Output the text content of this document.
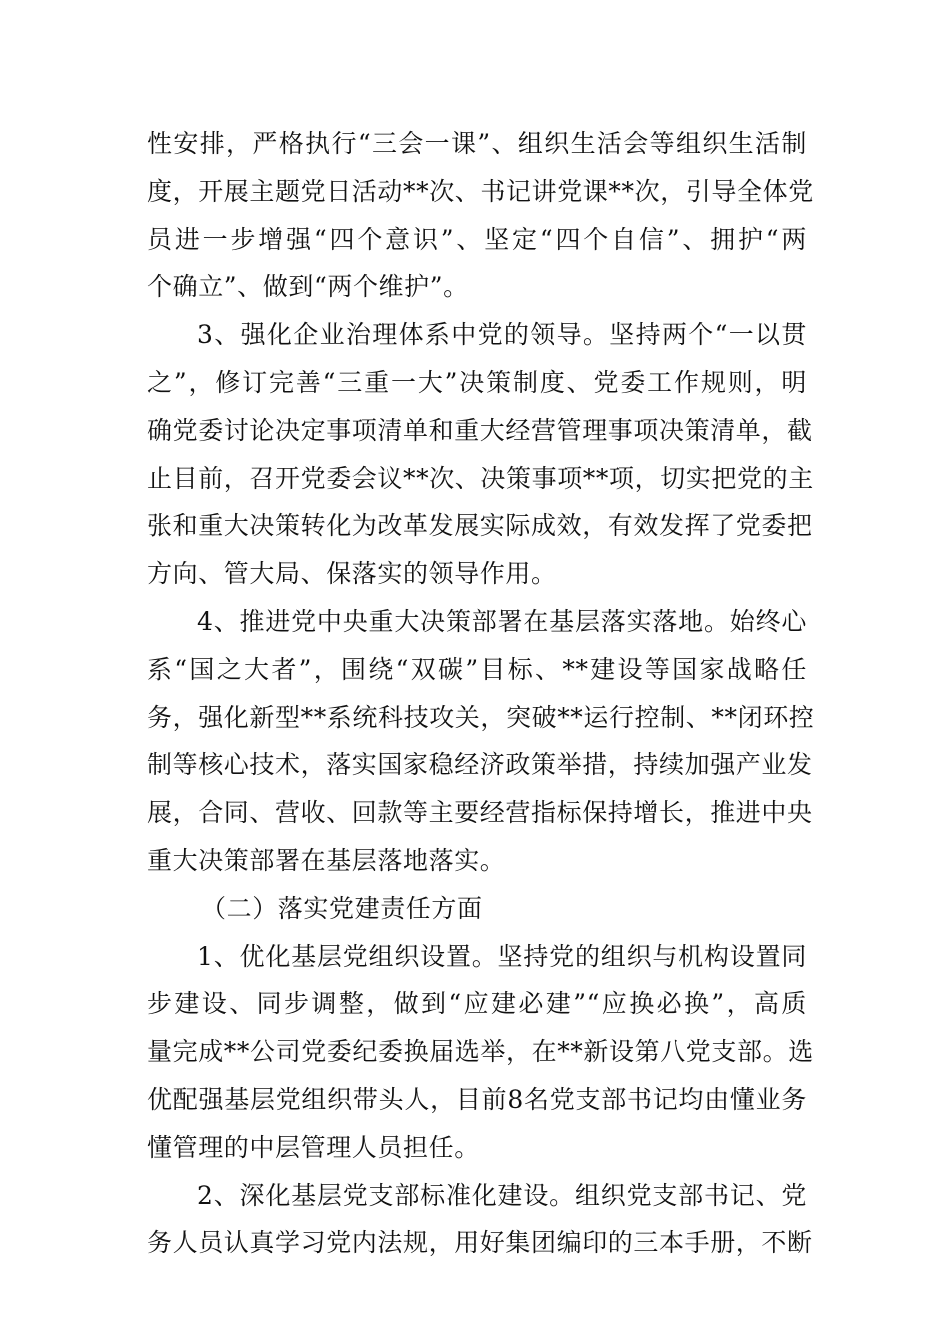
性安排，严格执行“三会一课”、组织生活会等组织生活制
度，开展主题党日活动**次、书记讲党课**次，引导全体党
员进一步增强“四个意识”、坚定“四个自信”、拥护“两
个确立”、做到“两个维护”。
3、强化企业治理体系中党的领导。坚持两个“一以贯
之”，修订完善“三重一大”决策制度、党委工作规则，明
确党委讨论决定事项清单和重大经营管理事项决策清单，截
止目前，召开党委会议**次、决策事项**项，切实把党的主
张和重大决策转化为改革发展实际成效，有效发挥了党委把
方向、管大局、保落实的领导作用。
4、推进党中央重大决策部署在基层落实落地。始终心
系“国之大者”，围绕“双碳”目标、**建设等国家战略任
务，强化新型**系统科技攻关，突破**运行控制、**闭环控
制等核心技术，落实国家稳经济政策举措，持续加强产业发
展，合同、营收、回款等主要经营指标保持增长，推进中央
重大决策部署在基层落地落实。
（二）落实党建责任方面
1、优化基层党组织设置。坚持党的组织与机构设置同
步建设、同步调整，做到“应建必建”“应换必换”，高质
量完成**公司党委纪委换届选举，在**新设第八党支部。选
优配强基层党组织带头人，目前8名党支部书记均由懂业务
懂管理的中层管理人员担任。
2、深化基层党支部标准化建设。组织党支部书记、党
务人员认真学习党内法规，用好集团编印的三本手册，不断
